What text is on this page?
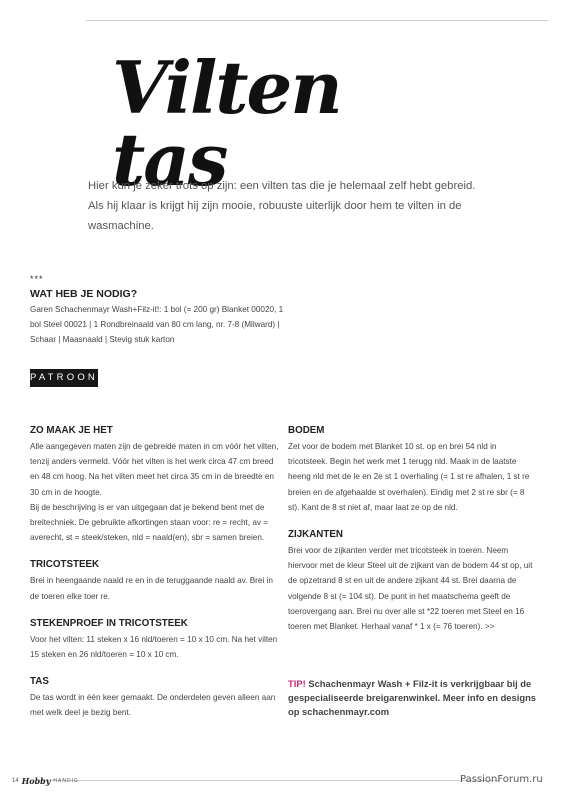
Vilten tas
Hier kun je zeker trots op zijn: een vilten tas die je helemaal zelf hebt gebreid. Als hij klaar is krijgt hij zijn mooie, robuuste uiterlijk door hem te vilten in de wasmachine.
***
WAT HEB JE NODIG?
Garen Schachenmayr Wash+Filz-it!: 1 bol (= 200 gr) Blanket 00020, 1 bol Steel 00021 | 1 Rondbreinaald van 80 cm lang, nr. 7-8 (Milward) | Schaar | Maasnaald | Stevig stuk karton
PATROON
ZO MAAK JE HET

Alle aangegeven maten zijn de gebreide maten in cm vóór het vilten, tenzij anders vermeld. Vóór het vilten is het werk circa 47 cm breed en 48 cm hoog. Na het vilten meet het circa 35 cm in de breedte en 30 cm in de hoogte.

Bij de beschrijving is er van uitgegaan dat je bekend bent met de breitechniek. De gebruikte afkortingen staan voor: re = recht, av = averecht, st = steek/steken, nld = naald(en), sbr = samen breien.

TRICOTSTEEK

Brei in heengaande naald re en in de teruggaande naald av. Brei in de toeren elke toer re.

STEKENPROEF IN TRICOTSTEEK

Voor het vilten: 11 steken x 16 nld/toeren = 10 x 10 cm. Na het vilten 15 steken en 26 nld/toeren = 10 x 10 cm.

TAS

De tas wordt in één keer gemaakt. De onderdelen geven alleen aan met welk deel je bezig bent.

BODEM

Zet voor de bodem met Blanket 10 st. op en brei 54 nld in tricotsteek. Begin het werk met 1 terugg nld. Maak in de laatste heeng nld met de le en 2e st 1 overhaling (= 1 st re afhalen, 1 st re breien en de afgehaalde st overhalen). Eindig met 2 st re sbr (= 8 st). Kant de 8 st niet af, maar laat ze op de nld.

ZIJKANTEN

Brei voor de zijkanten verder met tricotsteek in toeren. Neem hiervoor met de kleur Steel uit de zijkant van de bodem 44 st op, uit de opzetrand 8 st en uit de andere zijkant 44 st. Brei daarna de volgende 8 st (= 104 st). De punt in het maatschema geeft de toerovergang aan. Brei nu over alle st *22 toeren met Steel en 16 toeren met Blanket. Herhaal vanaf * 1 x (= 76 toeren). >>

TIP! Schachenmayr Wash + Filz-it is verkrijgbaar bij de gespecialiseerde breigarenwinkel. Meer info en designs op schachenmayr.com
14 Hobby HANDIG	PassionForum.ru
